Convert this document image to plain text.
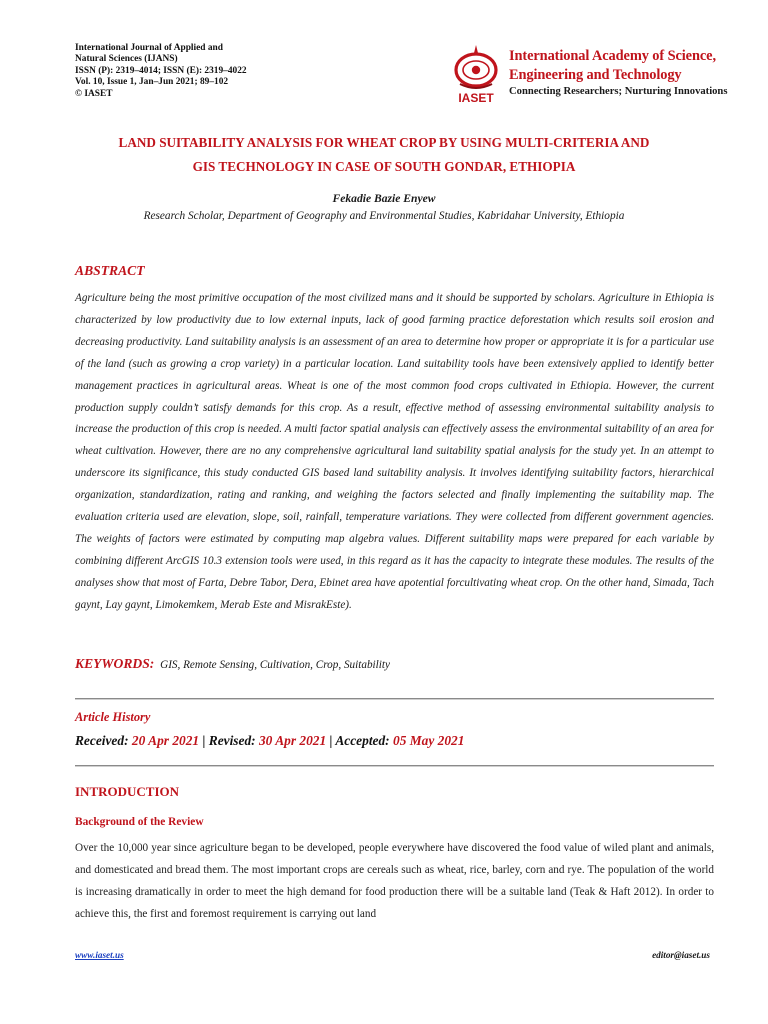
International Journal of Applied and
Natural Sciences (IJANS)
ISSN (P): 2319–4014; ISSN (E): 2319–4022
Vol. 10, Issue 1, Jan–Jun 2021; 89–102
© IASET	IASET
International Academy of Science,
Engineering and Technology
Connecting Researchers; Nurturing Innovations
LAND SUITABILITY ANALYSIS FOR WHEAT CROP BY USING MULTI-CRITERIA AND
GIS TECHNOLOGY IN CASE OF SOUTH GONDAR, ETHIOPIA
Fekadie Bazie Enyew
Research Scholar, Department of Geography and Environmental Studies, Kabridahar University, Ethiopia
ABSTRACT
Agriculture being the most primitive occupation of the most civilized mans and it should be supported by scholars. Agriculture in Ethiopia is characterized by low productivity due to low external inputs, lack of good farming practice deforestation which results soil erosion and decreasing productivity. Land suitability analysis is an assessment of an area to determine how proper or appropriate it is for a particular use of the land (such as growing a crop variety) in a particular location. Land suitability tools have been extensively applied to identify better management practices in agricultural areas. Wheat is one of the most common food crops cultivated in Ethiopia. However, the current production supply couldn’t satisfy demands for this crop. As a result, effective method of assessing environmental suitability analysis to increase the production of this crop is needed. A multi factor spatial analysis can effectively assess the environmental suitability of an area for wheat cultivation. However, there are no any comprehensive agricultural land suitability spatial analysis for the study yet. In an attempt to underscore its significance, this study conducted GIS based land suitability analysis. It involves identifying suitability factors, hierarchical organization, standardization, rating and ranking, and weighing the factors selected and finally implementing the suitability map. The evaluation criteria used are elevation, slope, soil, rainfall, temperature variations. They were collected from different government agencies. The weights of factors were estimated by computing map algebra values. Different suitability maps were prepared for each variable by combining different ArcGIS 10.3 extension tools were used, in this regard as it has the capacity to integrate these modules. The results of the analyses show that most of Farta, Debre Tabor, Dera, Ebinet area have apotential forcultivating wheat crop. On the other hand, Simada, Tach gaynt, Lay gaynt, Limokemkem, Merab Este and MisrakEste).
KEYWORDS: GIS, Remote Sensing, Cultivation, Crop, Suitability
Article History
Received: 20 Apr 2021 | Revised: 30 Apr 2021 | Accepted: 05 May 2021
INTRODUCTION
Background of the Review
Over the 10,000 year since agriculture began to be developed, people everywhere have discovered the food value of wiled plant and animals, and domesticated and bread them. The most important crops are cereals such as wheat, rice, barley, corn and rye. The population of the world is increasing dramatically in order to meet the high demand for food production there will be a suitable land (Teak & Haft 2012). In order to achieve this, the first and foremost requirement is carrying out land
www.iaset.us	editor@iaset.us
